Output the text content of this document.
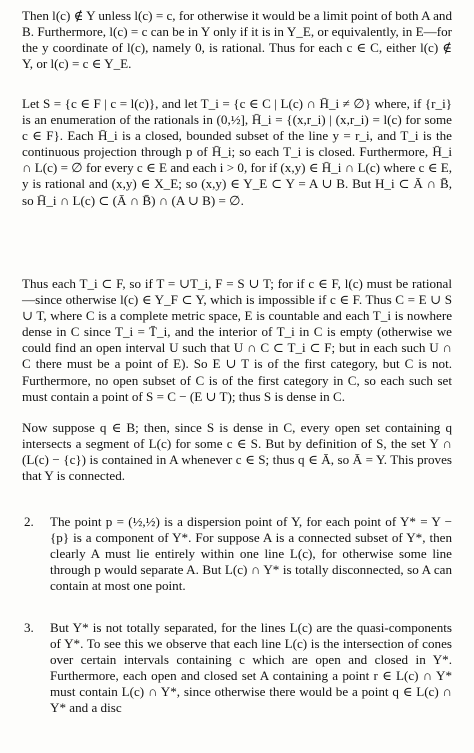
Then l(c) ∉ Y unless l(c) = c, for otherwise it would be a limit point of both A and B. Furthermore, l(c) = c can be in Y only if it is in Y_E, or equivalently, in E—for the y coordinate of l(c), namely 0, is rational. Thus for each c ∈ C, either l(c) ∉ Y, or l(c) = c ∈ Y_E.

Let S = {c ∈ F | c = l(c)}, and let T_i = {c ∈ C | L(c) ∩ H̄_i ≠ ∅} where, if {r_i} is an enumeration of the rationals in (0,½], H̄_i = {(x,r_i) | (x,r_i) = l(c) for some c ∈ F}. Each H̄_i is a closed, bounded subset of the line y = r_i, and T_i is the continuous projection through p of H̄_i; so each T_i is closed. Furthermore, H̄_i ∩ L(c) = ∅ for every c ∈ E and each i > 0, for if (x,y) ∈ H̄_i ∩ L(c) where c ∈ E, y is rational and (x,y) ∈ X_E; so (x,y) ∈ Y_E ⊂ Y = A ∪ B. But H_i ⊂ Ā ∩ B̄, so H̄_i ∩ L(c) ⊂ (Ā ∩ B̄) ∩ (A ∪ B) = ∅.

Thus each T_i ⊂ F, so if T = ∪T_i, F = S ∪ T; for if c ∈ F, l(c) must be rational—since otherwise l(c) ∈ Y_F ⊂ Y, which is impossible if c ∈ F. Thus C = E ∪ S ∪ T, where C is a complete metric space, E is countable and each T_i is nowhere dense in C since T_i = T̄_i, and the interior of T_i in C is empty (otherwise we could find an open interval U such that U ∩ C ⊂ T_i ⊂ F; but in each such U ∩ C there must be a point of E). So E ∪ T is of the first category, but C is not. Furthermore, no open subset of C is of the first category in C, so each such set must contain a point of S = C − (E ∪ T); thus S is dense in C.

Now suppose q ∈ B; then, since S is dense in C, every open set containing q intersects a segment of L(c) for some c ∈ S. But by definition of S, the set Y ∩ (L(c) − {c}) is contained in A whenever c ∈ S; thus q ∈ Ā, so Ā = Y. This proves that Y is connected.

2. The point p = (½,½) is a dispersion point of Y, for each point of Y* = Y − {p} is a component of Y*. For suppose A is a connected subset of Y*, then clearly A must lie entirely within one line L(c), for otherwise some line through p would separate A. But L(c) ∩ Y* is totally disconnected, so A can contain at most one point.

3. But Y* is not totally separated, for the lines L(c) are the quasi-components of Y*. To see this we observe that each line L(c) is the intersection of cones over certain intervals containing c which are open and closed in Y*. Furthermore, each open and closed set A containing a point r ∈ L(c) ∩ Y* must contain L(c) ∩ Y*, since otherwise there would be a point q ∈ L(c) ∩ Y* and a disc
